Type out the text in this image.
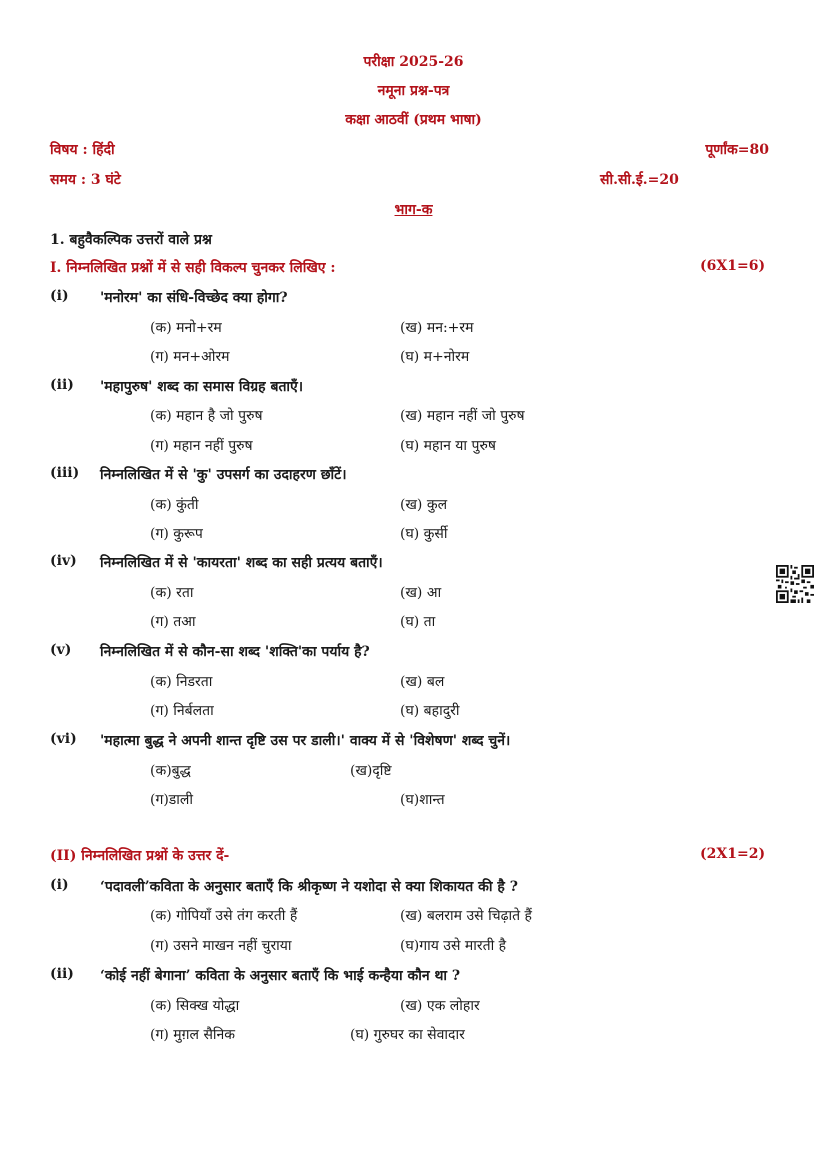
परीक्षा 2025-26
नमूना प्रश्न-पत्र
कक्षा आठवीं (प्रथम भाषा)
विषय : हिंदी	पूर्णांक=80
समय : 3 घंटे	सी.सी.ई.=20
भाग-क
1. बहुवैकल्पिक उत्तरों वाले प्रश्न
I. निम्नलिखित प्रश्नों में से सही विकल्प चुनकर लिखिए :	(6X1=6)
(i) 'मनोरम' का संधि-विच्छेद क्या होगा?
(क) मनो+रम	(ख) मन:+रम
(ग) मन+ओरम	(घ) म+नोरम
(ii) 'महापुरुष' शब्द का समास विग्रह बताएँ।
(क) महान है जो पुरुष	(ख) महान नहीं जो पुरुष
(ग) महान नहीं पुरुष	(घ) महान या पुरुष
(iii) निम्नलिखित में से 'कु' उपसर्ग का उदाहरण छाँटें।
(क) कुंती	(ख) कुल
(ग) कुरूप	(घ) कुर्सी
(iv) निम्नलिखित में से 'कायरता' शब्द का सही प्रत्यय बताएँ।
(क) रता	(ख) आ
(ग) तआ	(घ) ता
(v) निम्नलिखित में से कौन-सा शब्द 'शक्ति'का पर्याय है?
(क) निडरता	(ख) बल
(ग) निर्बलता	(घ) बहादुरी
(vi) 'महात्मा बुद्ध ने अपनी शान्त दृष्टि उस पर डाली।' वाक्य में से 'विशेषण' शब्द चुनें।
(क)बुद्ध	(ख)दृष्टि
(ग)डाली	(घ)शान्त
(II) निम्नलिखित प्रश्नों के उत्तर दें-	(2X1=2)
(i) ‘पदावली’कविता के अनुसार बताएँ कि श्रीकृष्ण ने यशोदा से क्या शिकायत की है ?
(क) गोपियाँ उसे तंग करती हैं	(ख) बलराम उसे चिढ़ाते हैं
(ग) उसने माखन नहीं चुराया	(घ)गाय उसे मारती है
(ii) ‘कोई नहीं बेगाना’ कविता के अनुसार बताएँ कि भाई कन्हैया कौन था ?
(क) सिक्ख योद्धा	(ख) एक लोहार
(ग) मुग़ल सैनिक	(घ) गुरुघर का सेवादार
